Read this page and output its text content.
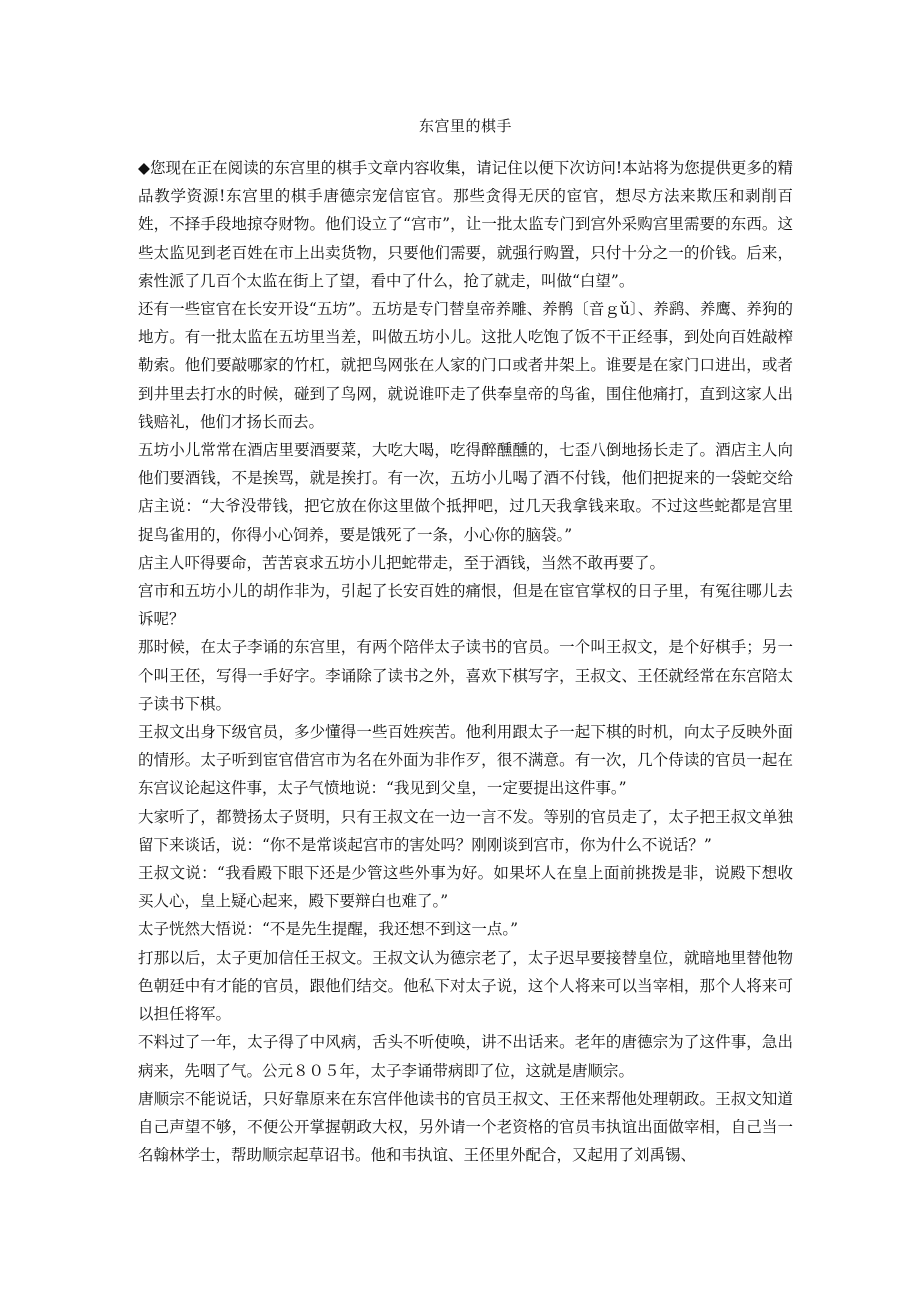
东宫里的棋手

◆您现在正在阅读的东宫里的棋手文章内容收集，请记住以便下次访问!本站将为您提供更多的精品教学资源!东宫里的棋手唐德宗宠信宦官。那些贪得无厌的宦官，想尽方法来欺压和剥削百姓，不择手段地掠夺财物。他们设立了“宫市”，让一批太监专门到宫外采购宫里需要的东西。这些太监见到老百姓在市上出卖货物，只要他们需要，就强行购置，只付十分之一的价钱。后来，索性派了几百个太监在街上了望，看中了什么，抢了就走，叫做“白望”。

还有一些宦官在长安开设“五坊”。五坊是专门替皇帝养雕、养鹘〔音ｇǔ〕、养鹞、养鹰、养狗的地方。有一批太监在五坊里当差，叫做五坊小儿。这批人吃饱了饭不干正经事，到处向百姓敲榨勒索。他们要敲哪家的竹杠，就把鸟网张在人家的门口或者井架上。谁要是在家门口进出，或者到井里去打水的时候，碰到了鸟网，就说谁吓走了供奉皇帝的鸟雀，围住他痛打，直到这家人出钱赔礼，他们才扬长而去。

五坊小儿常常在酒店里要酒要菜，大吃大喝，吃得醉醺醺的，七歪八倒地扬长走了。酒店主人向他们要酒钱，不是挨骂，就是挨打。有一次，五坊小儿喝了酒不付钱，他们把捉来的一袋蛇交给店主说：“大爷没带钱，把它放在你这里做个抵押吧，过几天我拿钱来取。不过这些蛇都是宫里捉鸟雀用的，你得小心饲养，要是饿死了一条，小心你的脑袋。”

店主人吓得要命，苦苦哀求五坊小儿把蛇带走，至于酒钱，当然不敢再要了。

宫市和五坊小儿的胡作非为，引起了长安百姓的痛恨，但是在宦官掌权的日子里，有冤往哪儿去诉呢？

那时候，在太子李诵的东宫里，有两个陪伴太子读书的官员。一个叫王叔文，是个好棋手；另一个叫王伾，写得一手好字。李诵除了读书之外，喜欢下棋写字，王叔文、王伾就经常在东宫陪太子读书下棋。

王叔文出身下级官员，多少懂得一些百姓疾苦。他利用跟太子一起下棋的时机，向太子反映外面的情形。太子听到宦官借宫市为名在外面为非作歹，很不满意。有一次，几个侍读的官员一起在东宫议论起这件事，太子气愤地说：“我见到父皇，一定要提出这件事。”

大家听了，都赞扬太子贤明，只有王叔文在一边一言不发。等别的官员走了，太子把王叔文单独留下来谈话，说：“你不是常谈起宫市的害处吗？刚刚谈到宫市，你为什么不说话？”

王叔文说：“我看殿下眼下还是少管这些外事为好。如果坏人在皇上面前挑拨是非，说殿下想收买人心，皇上疑心起来，殿下要辩白也难了。”

太子恍然大悟说：“不是先生提醒，我还想不到这一点。”

打那以后，太子更加信任王叔文。王叔文认为德宗老了，太子迟早要接替皇位，就暗地里替他物色朝廷中有才能的官员，跟他们结交。他私下对太子说，这个人将来可以当宰相，那个人将来可以担任将军。

不料过了一年，太子得了中风病，舌头不听使唤，讲不出话来。老年的唐德宗为了这件事，急出病来，先咽了气。公元８０５年，太子李诵带病即了位，这就是唐顺宗。

唐顺宗不能说话，只好靠原来在东宫伴他读书的官员王叔文、王伾来帮他处理朝政。王叔文知道自己声望不够，不便公开掌握朝政大权，另外请一个老资格的官员韦执谊出面做宰相，自己当一名翰林学士，帮助顺宗起草诏书。他和韦执谊、王伾里外配合，又起用了刘禹锡、
